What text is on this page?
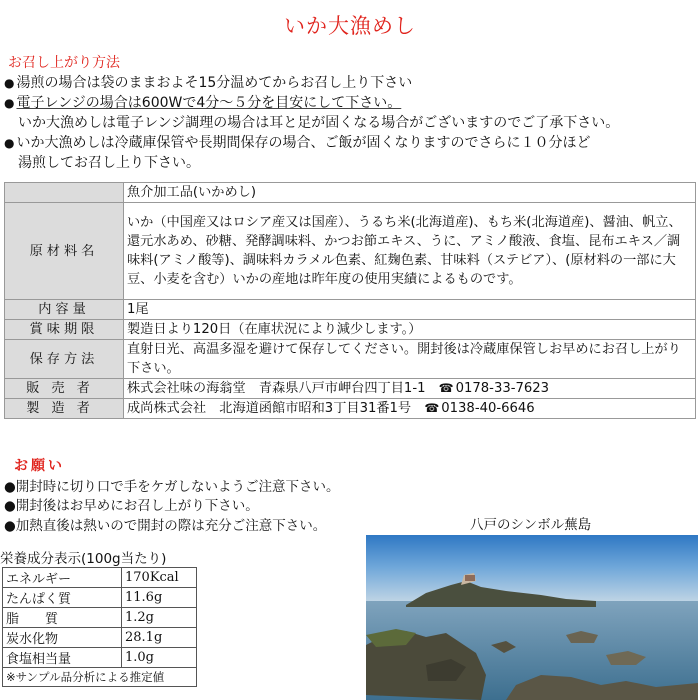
いか大漁めし
お召し上がり方法
● 湯煎の場合は袋のままおよそ15分温めてからお召し上り下さい
● 電子レンジの場合は600Wで4分～５分を目安にして下さい。
いか大漁めしは電子レンジ調理の場合は耳と足が固くなる場合がございますのでご了承下さい。
● いか大漁めしは冷蔵庫保管や長期間保存の場合、ご飯が固くなりますのでさらに１０分ほど
湯煎してお召し上り下さい。
	魚介加工品(いかめし)
原材料名	いか（中国産又はロシア産又は国産）、うるち米(北海道産)、もち米(北海道産)、醤油、帆立、還元水あめ、砂糖、発酵調味料、かつお節エキス、うに、アミノ酸液、食塩、昆布エキス／調味料(アミノ酸等)、調味料カラメル色素、紅麹色素、甘味料（ステビア）、(原材料の一部に大豆、小麦を含む）いかの産地は昨年度の使用実績によるものです。
内容量	1尾
賞味期限	製造日より120日（在庫状況により減少します。）
保存方法	直射日光、高温多湿を避けて保存してください。開封後は冷蔵庫保管しお早めにお召し上がり下さい。
販売者	株式会社味の海翁堂　青森県八戸市岬台四丁目1-1　 ☎ 0178-33-7623
製造者	成尚株式会社　北海道函館市昭和3丁目31番1号　 ☎ 0138-40-6646
お願い
●開封時に切り口で手をケガしないようご注意下さい。
●開封後はお早めにお召し上がり下さい。
●加熱直後は熱いので開封の際は充分ご注意下さい。	八戸のシンボル蕪島
栄養成分表示(100g当たり)
エネルギー	170Kcal
たんぱく質	11.6g
脂　　質	1.2g
炭水化物	28.1g
食塩相当量	1.0g
※サンプル品分析による推定値	
